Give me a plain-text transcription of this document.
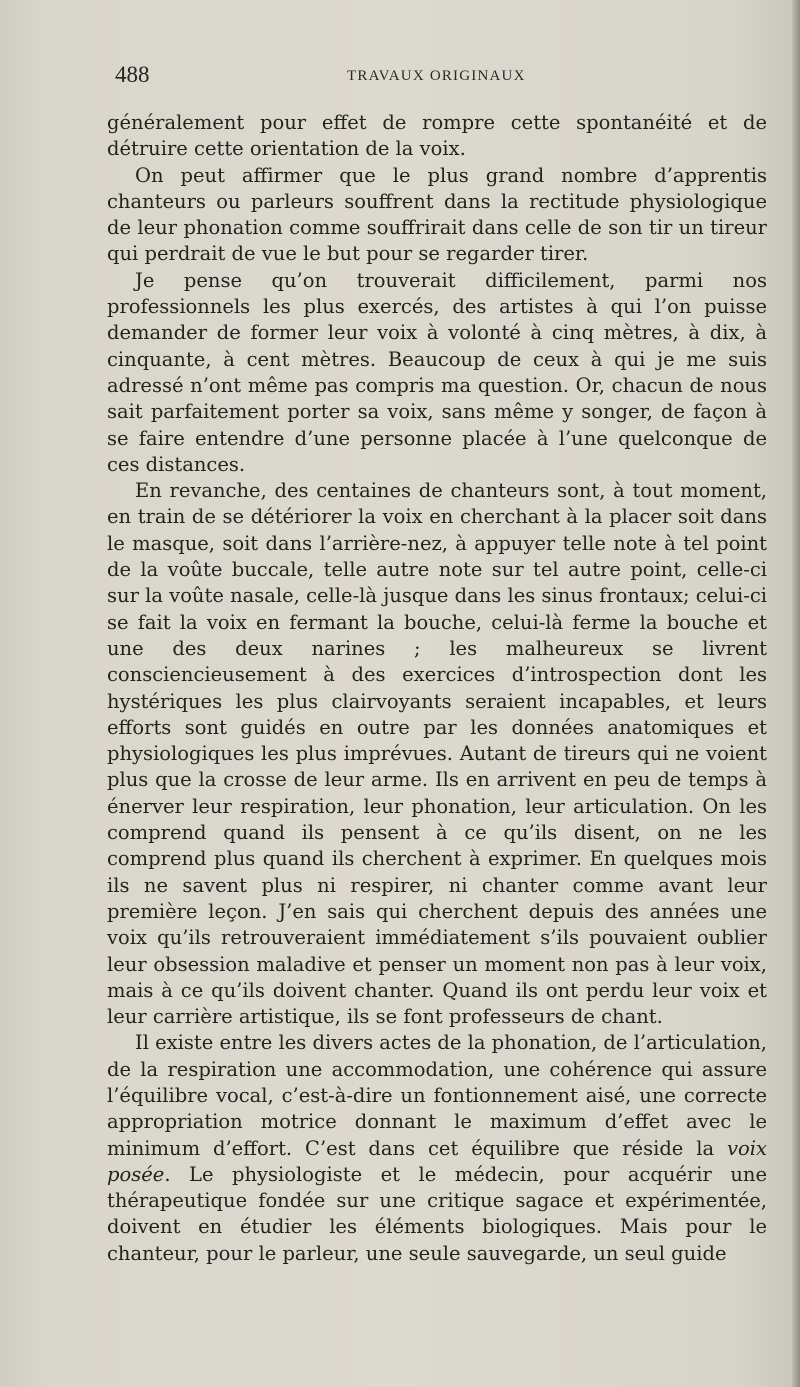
488	TRAVAUX ORIGINAUX

généralement pour effet de rompre cette spontanéité et de détruire cette orientation de la voix.

On peut affirmer que le plus grand nombre d’apprentis chanteurs ou parleurs souffrent dans la rectitude physiologique de leur phonation comme souffrirait dans celle de son tir un tireur qui perdrait de vue le but pour se regarder tirer.

Je pense qu’on trouverait difficilement, parmi nos professionnels les plus exercés, des artistes à qui l’on puisse demander de former leur voix à volonté à cinq mètres, à dix, à cinquante, à cent mètres. Beaucoup de ceux à qui je me suis adressé n’ont même pas compris ma question. Or, chacun de nous sait parfaitement porter sa voix, sans même y songer, de façon à se faire entendre d’une personne placée à l’une quelconque de ces distances.

En revanche, des centaines de chanteurs sont, à tout moment, en train de se détériorer la voix en cherchant à la placer soit dans le masque, soit dans l’arrière-nez, à appuyer telle note à tel point de la voûte buccale, telle autre note sur tel autre point, celle-ci sur la voûte nasale, celle-là jusque dans les sinus frontaux; celui-ci se fait la voix en fermant la bouche, celui-là ferme la bouche et une des deux narines ; les malheureux se livrent consciencieusement à des exercices d’introspection dont les hystériques les plus clairvoyants seraient incapables, et leurs efforts sont guidés en outre par les données anatomiques et physiologiques les plus imprévues. Autant de tireurs qui ne voient plus que la crosse de leur arme. Ils en arrivent en peu de temps à énerver leur respiration, leur phonation, leur articulation. On les comprend quand ils pensent à ce qu’ils disent, on ne les comprend plus quand ils cherchent à exprimer. En quelques mois ils ne savent plus ni respirer, ni chanter comme avant leur première leçon. J’en sais qui cherchent depuis des années une voix qu’ils retrouveraient immédiatement s’ils pouvaient oublier leur obsession maladive et penser un moment non pas à leur voix, mais à ce qu’ils doivent chanter. Quand ils ont perdu leur voix et leur carrière artistique, ils se font professeurs de chant.

Il existe entre les divers actes de la phonation, de l’articulation, de la respiration une accommodation, une cohérence qui assure l’équilibre vocal, c’est-à-dire un fontionnement aisé, une correcte appropriation motrice donnant le maximum d’effet avec le minimum d’effort. C’est dans cet équilibre que réside la voix posée. Le physiologiste et le médecin, pour acquérir une thérapeutique fondée sur une critique sagace et expérimentée, doivent en étudier les éléments biologiques. Mais pour le chanteur, pour le parleur, une seule sauvegarde, un seul guide
